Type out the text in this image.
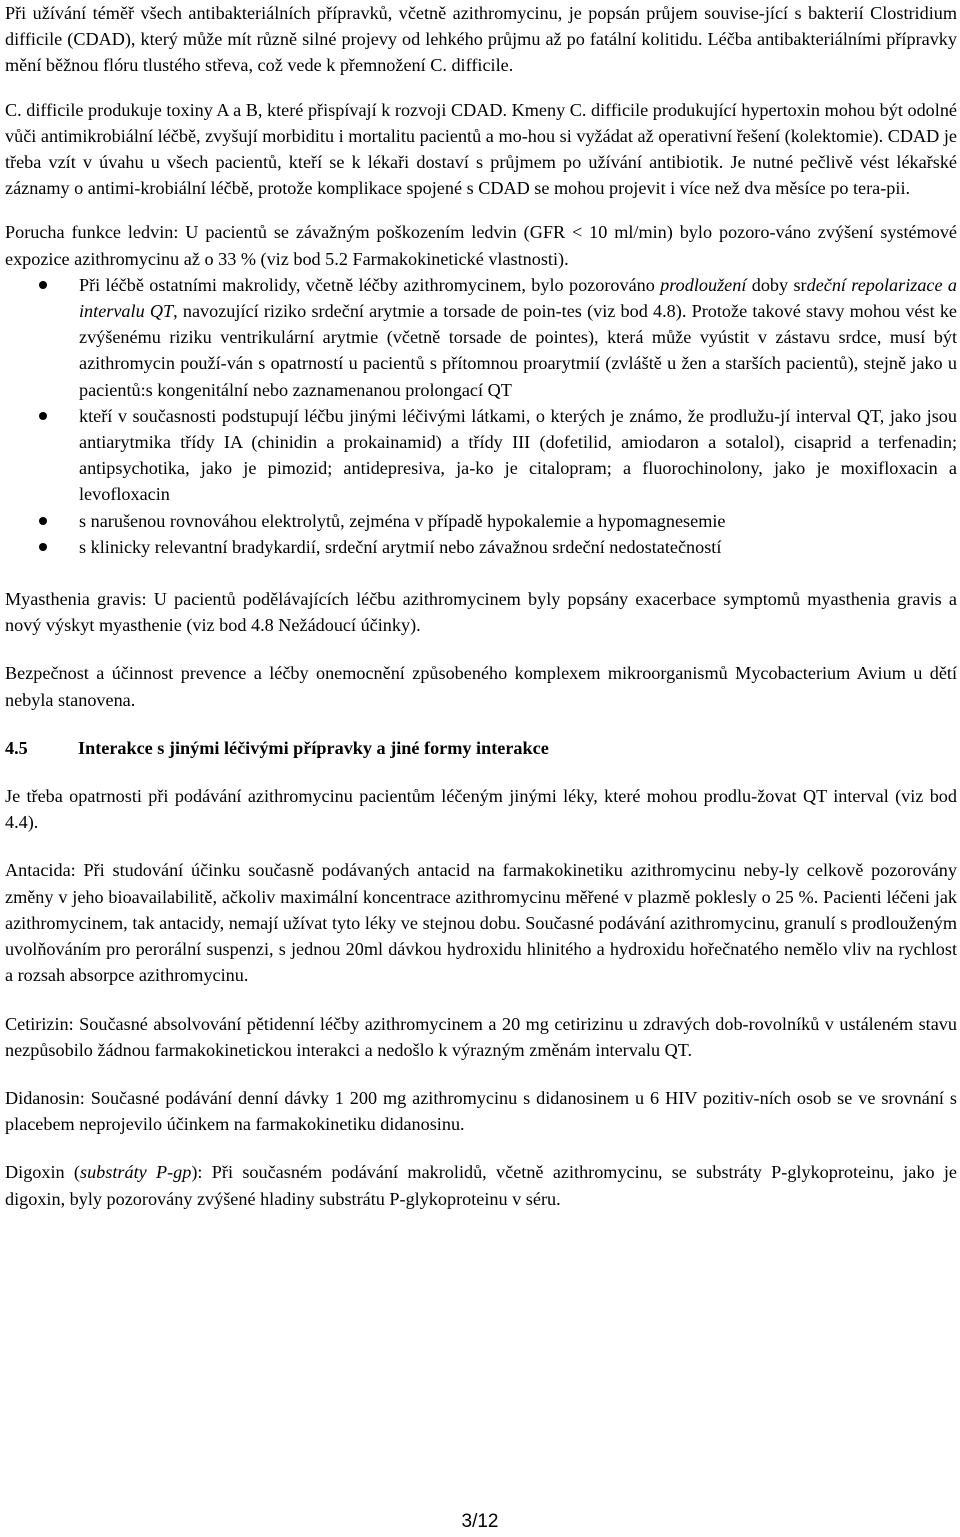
Při užívání téměř všech antibakteriálních přípravků, včetně azithromycinu, je popsán průjem souvise-jící s bakterií Clostridium difficile (CDAD), který může mít různě silné projevy od lehkého průjmu až po fatální kolitidu. Léčba antibakteriálními přípravky mění běžnou flóru tlustého střeva, což vede k přemnožení C. difficile.

C. difficile produkuje toxiny A a B, které přispívají k rozvoji CDAD. Kmeny C. difficile produkující hypertoxin mohou být odolné vůči antimikrobiální léčbě, zvyšují morbiditu i mortalitu pacientů a mo-hou si vyžádat až operativní řešení (kolektomie). CDAD je třeba vzít v úvahu u všech pacientů, kteří se k lékaři dostaví s průjmem po užívání antibiotik. Je nutné pečlivě vést lékařské záznamy o antimi-krobiální léčbě, protože komplikace spojené s CDAD se mohou projevit i více než dva měsíce po tera-pii.

Porucha funkce ledvin: U pacientů se závažným poškozením ledvin (GFR < 10 ml/min) bylo pozoro-váno zvýšení systémové expozice azithromycinu až o 33 % (viz bod 5.2 Farmakokinetické vlastnosti).

Při léčbě ostatními makrolidy, včetně léčby azithromycinem, bylo pozorováno prodloužení doby srdеční repolarizace a intervalu QT, navozující riziko srdeční arytmie a torsade de poin-tes (viz bod 4.8). Protože takové stavy mohou vést ke zvýšenému riziku ventrikulární arytmie (včetně torsade de pointes), která může vyústit v zástavu srdce, musí být azithromycin použí-ván s opatrností u pacientů s přítomnou proarytmií (zvláště u žen a starších pacientů), stejně jako u pacientů:s kongenitální nebo zaznamenanou prolongací QT
kteří v současnosti podstupují léčbu jinými léčivými látkami, o kterých je známo, že prodlužu-jí interval QT, jako jsou antiarytmika třídy IA (chinidin a prokainamid) a třídy III (dofetilid, amiodaron a sotalol), cisaprid a terfenadin; antipsychotika, jako je pimozid; antidepresiva, ja-ko je citalopram; a fluorochinolony, jako je moxifloxacin a levofloxacin
s narušenou rovnováhou elektrolytů, zejména v případě hypokalemie a hypomagnesemie
s klinicky relevantní bradykardií, srdeční arytmií nebo závažnou srdeční nedostatečností

Myasthenia gravis: U pacientů podělávajících léčbu azithromycinem byly popsány exacerbace symptomů myasthenia gravis a nový výskyt myasthenie (viz bod 4.8 Nežádoucí účinky).

Bezpečnost a účinnost prevence a léčby onemocnění způsobeného komplexem mikroorganismů Mycobacterium Avium u dětí nebyla stanovena.

4.5	Interakce s jinými léčivými přípravky a jiné formy interakce

Je třeba opatrnosti při podávání azithromycinu pacientům léčeným jinými léky, které mohou prodlu-žovat QT interval (viz bod 4.4).

Antacida: Při studování účinku současně podávaných antacid na farmakokinetiku azithromycinu neby-ly celkově pozorovány změny v jeho bioavailabilitě, ačkoliv maximální koncentrace azithromycinu měřené v plazmě poklesly o 25 %. Pacienti léčeni jak azithromycinem, tak antacidy, nemají užívat tyto léky ve stejnou dobu. Současné podávání azithromycinu, granulí s prodlouženým uvolňováním pro perorální suspenzi, s jednou 20ml dávkou hydroxidu hlinitého a hydroxidu hořečnatého nemělo vliv na rychlost a rozsah absorpce azithromycinu.

Cetirizin: Současné absolvování pětidenní léčby azithromycinem a 20 mg cetirizinu u zdravých dob-rovolníků v ustáleném stavu nezpůsobilo žádnou farmakokinetickou interakci a nedošlo k výrazným změnám intervalu QT.

Didanosin: Současné podávání denní dávky 1 200 mg azithromycinu s didanosinem u 6 HIV pozitiv-ních osob se ve srovnání s placebem neprojevilo účinkem na farmakokinetiku didanosinu.

Digoxin (substráty P-gp): Při současném podávání makrolidů, včetně azithromycinu, se substráty P-glykoproteinu, jako je digoxin, byly pozorovány zvýšené hladiny substrátu P-glykoproteinu v séru.

3/12
